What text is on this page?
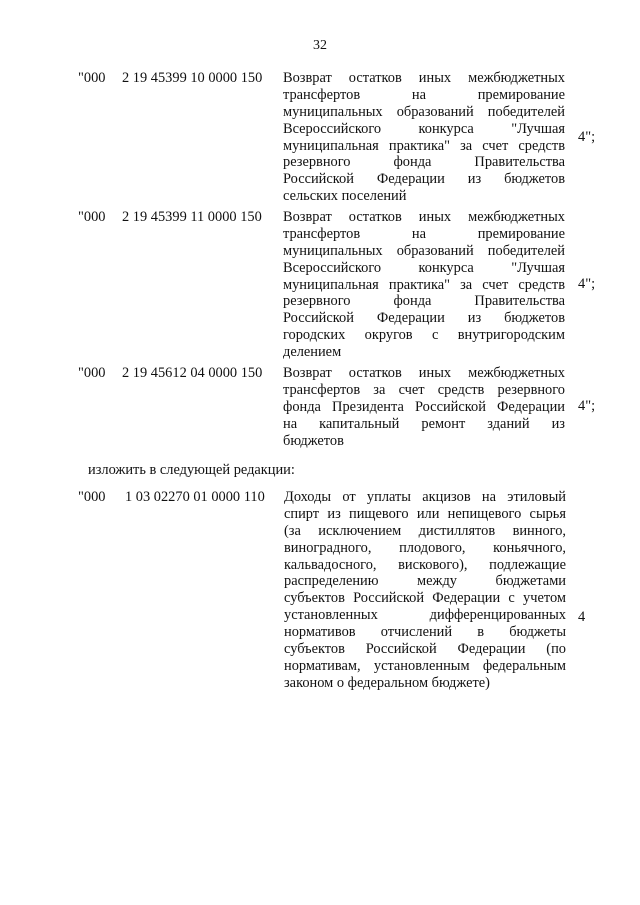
32
"000 2 19 45399 10 0000 150 Возврат остатков иных межбюджетных
трансфертов на премирование
муниципальных образований победителей
Всероссийского конкурса "Лучшая
муниципальная практика" за счет средств
резервного фонда Правительства
Российской Федерации из бюджетов
сельских поселений
4";
"000 2 19 45399 11 0000 150 Возврат остатков иных межбюджетных
трансфертов на премирование
муниципальных образований победителей
Всероссийского конкурса "Лучшая
муниципальная практика" за счет средств
резервного фонда Правительства
Российской Федерации из бюджетов
городских округов с внутригородским
делением
4";
"000 2 19 45612 04 0000 150 Возврат остатков иных межбюджетных
трансфертов за счет средств резервного
фонда Президента Российской Федерации
на капитальный ремонт зданий из
бюджетов
4";
изложить в следующей редакции:
"000 1 03 02270 01 0000 110 Доходы от уплаты акцизов на этиловый
спирт из пищевого или непищевого сырья
(за исключением дистиллятов винного,
виноградного, плодового, коньячного,
кальвадосного, вискового), подлежащие
распределению между бюджетами
субъектов Российской Федерации с учетом
установленных дифференцированных
нормативов отчислений в бюджеты
субъектов Российской Федерации (по
нормативам, установленным федеральным
законом о федеральном бюджете)
4
